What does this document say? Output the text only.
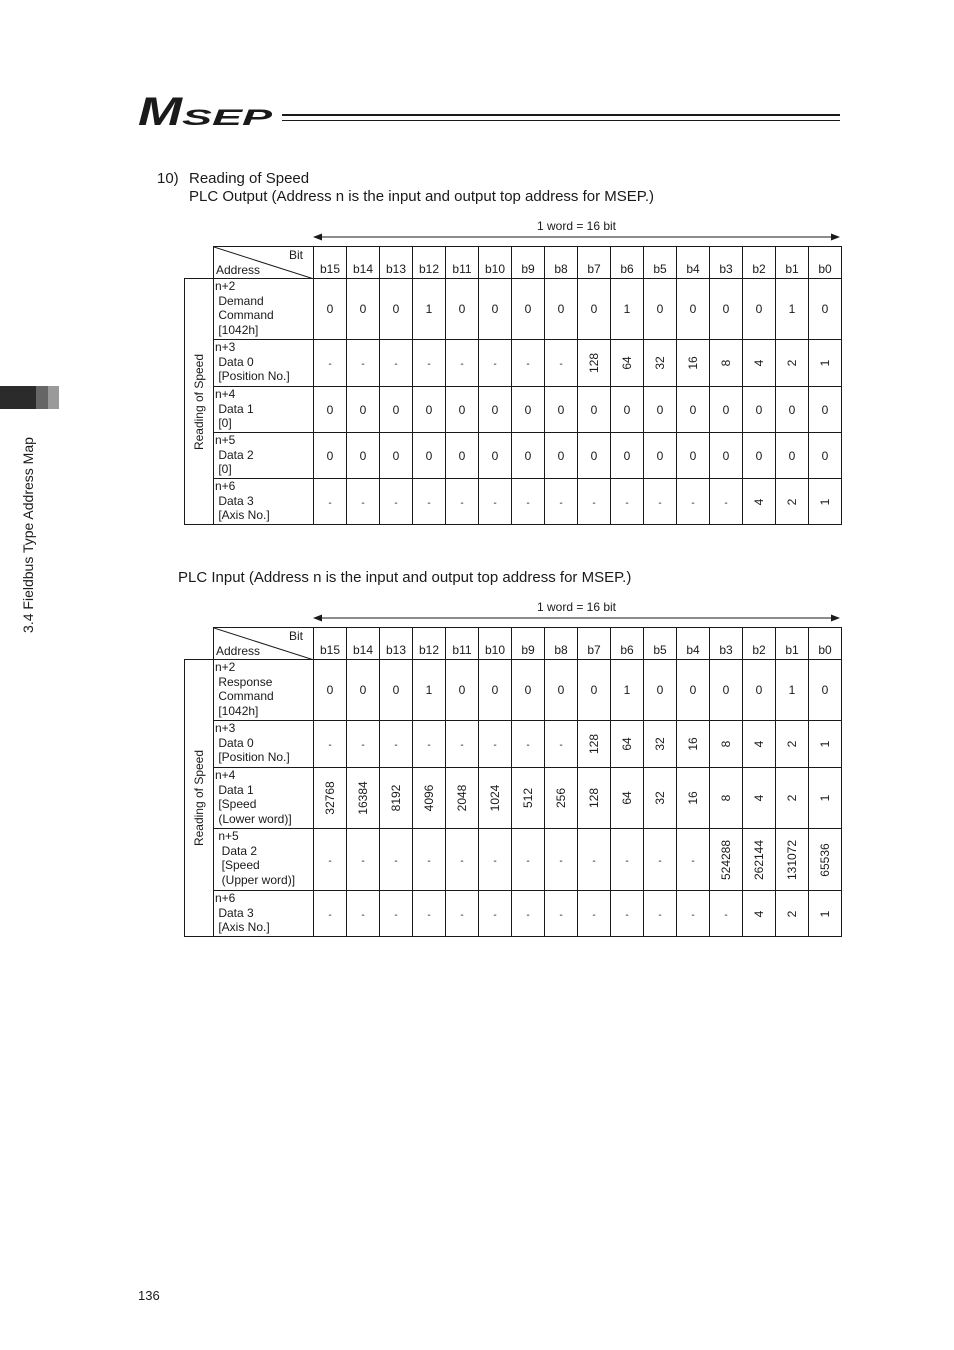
M
SEP
3.4 Fieldbus Type Address Map
10) Reading of Speed
PLC Output (Address n is the input and output top address for MSEP.)
1 word = 16 bit

	Bit
Address	b15	b14	b13	b12	b11	b10	b9	b8	b7	b6	b5	b4	b3	b2	b1	b0

Reading of Speed	n+2
Demand
Command
[1042h]	0	0	0	1	0	0	0	0	0	1	0	0	0	0	1	0

	n+3
Data 0
[Position No.]	-	-	-	-	-	-	-	-	128	64	32	16	8	4	2	1

	n+4
Data 1
[0]	0	0	0	0	0	0	0	0	0	0	0	0	0	0	0	0

	n+5
Data 2
[0]	0	0	0	0	0	0	0	0	0	0	0	0	0	0	0	0

	n+6
Data 3
[Axis No.]	-	-	-	-	-	-	-	-	-	-	-	-	-	4	2	1
PLC Input (Address n is the input and output top address for MSEP.)
1 word = 16 bit

	Bit
Address	b15	b14	b13	b12	b11	b10	b9	b8	b7	b6	b5	b4	b3	b2	b1	b0

Reading of Speed	n+2
Response
Command
[1042h]	0	0	0	1	0	0	0	0	0	1	0	0	0	0	1	0

	n+3
Data 0
[Position No.]	-	-	-	-	-	-	-	-	128	64	32	16	8	4	2	1

	n+4
Data 1
[Speed
(Lower word)]	32768	16384	8192	4096	2048	1024	512	256	128	64	32	16	8	4	2	1

	n+5
Data 2
[Speed
(Upper word)]	-	-	-	-	-	-	-	-	-	-	-	-	524288	262144	131072	65536

	n+6
Data 3
[Axis No.]	-	-	-	-	-	-	-	-	-	-	-	-	-	4	2	1
136
